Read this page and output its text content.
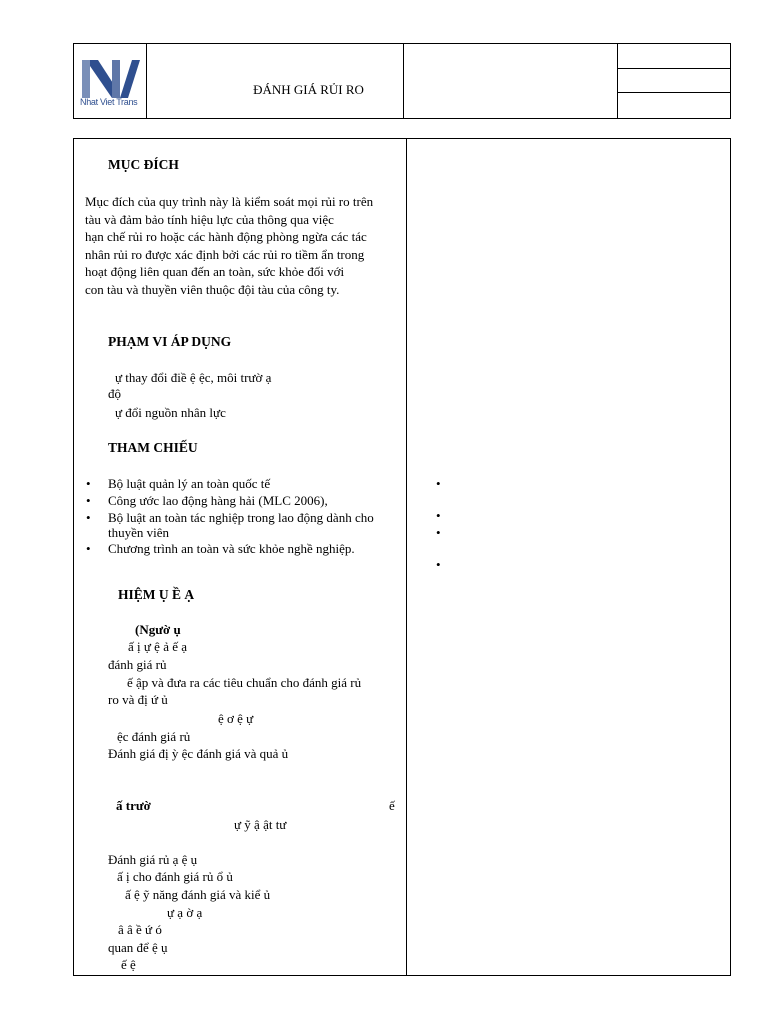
Nhat Viet Trans
ĐÁNH GIÁ RỦI RO
MỤC ĐÍCH
Mục đích của quy trình này là kiểm soát mọi rủi ro trên
tàu và đảm bảo tính hiệu lực của thông qua việc
hạn chế rủi ro hoặc các hành động phòng ngừa các tác
nhân rủi ro được xác định bởi các rủi ro tiềm ẩn trong
hoạt động liên quan đến an toàn, sức khỏe đối với
con tàu và thuyền viên thuộc đội tàu của công ty.
PHẠM VI ÁP DỤNG
ự thay đổi điề ệ ệc, môi trườ ạ
độ
ự đổi nguồn nhân lực
THAM CHIẾU
Bộ luật quản lý an toàn quốc tế
Công ước lao động hàng hải (MLC 2006),
Bộ luật an toàn tác nghiệp trong lao động dành cho
thuyền viên
Chương trình an toàn và sức khỏe nghề nghiệp.
•
•
•
•
HIỆM Ụ Ề Ạ
(Ngườ ụ
ấ ị ự ệ ả ế ạ
đánh giá rủ
ế ập và đưa ra các tiêu chuẩn cho đánh giá rủ
ro và đị ứ ủ
ệ ơ ệ ự
ệc đánh giá rủ
Đánh giá đị ỳ ệc đánh giá và quả ủ
ấ trườ	ế
ự ỹ ậ ật tư
Đánh giá rủ ạ ệ ụ
ấ ị cho đánh giá rủ ổ ủ
ấ ệ ỹ năng đánh giá và kiể ủ
ự ạ ờ ạ
â â ề ứ ó
quan để ệ ụ
ế ệ
